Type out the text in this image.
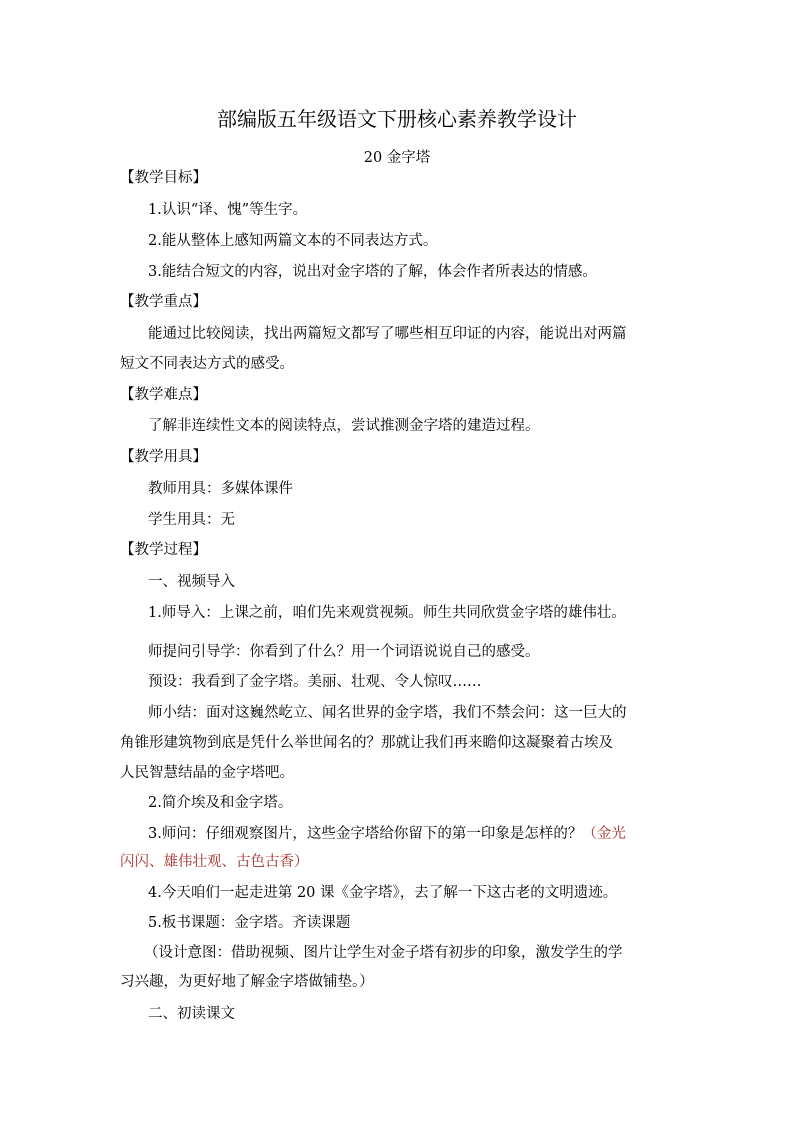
部编版五年级语文下册核心素养教学设计
20 金字塔
【教学目标】
1.认识“译、愧”等生字。
2.能从整体上感知两篇文本的不同表达方式。
3.能结合短文的内容，说出对金字塔的了解，体会作者所表达的情感。
【教学重点】
能通过比较阅读，找出两篇短文都写了哪些相互印证的内容，能说出对两篇
短文不同表达方式的感受。
【教学难点】
了解非连续性文本的阅读特点，尝试推测金字塔的建造过程。
【教学用具】
教师用具：多媒体课件
学生用具：无
【教学过程】
一、视频导入
1.师导入：上课之前，咱们先来观赏视频。师生共同欣赏金字塔的雄伟壮。
师提问引导学：你看到了什么？用一个词语说说自己的感受。
预设：我看到了金字塔。美丽、壮观、令人惊叹……
师小结：面对这巍然屹立、闻名世界的金字塔，我们不禁会问：这一巨大的
角锥形建筑物到底是凭什么举世闻名的？那就让我们再来瞻仰这凝聚着古埃及
人民智慧结晶的金字塔吧。
2.简介埃及和金字塔。
3.师问：仔细观察图片，这些金字塔给你留下的第一印象是怎样的？（金光
闪闪、雄伟壮观、古色古香）
4.今天咱们一起走进第 20 课《金字塔》，去了解一下这古老的文明遗迹。
5.板书课题：金字塔。齐读课题
（设计意图：借助视频、图片让学生对金子塔有初步的印象，激发学生的学
习兴趣，为更好地了解金字塔做铺垫。）
二、初读课文
